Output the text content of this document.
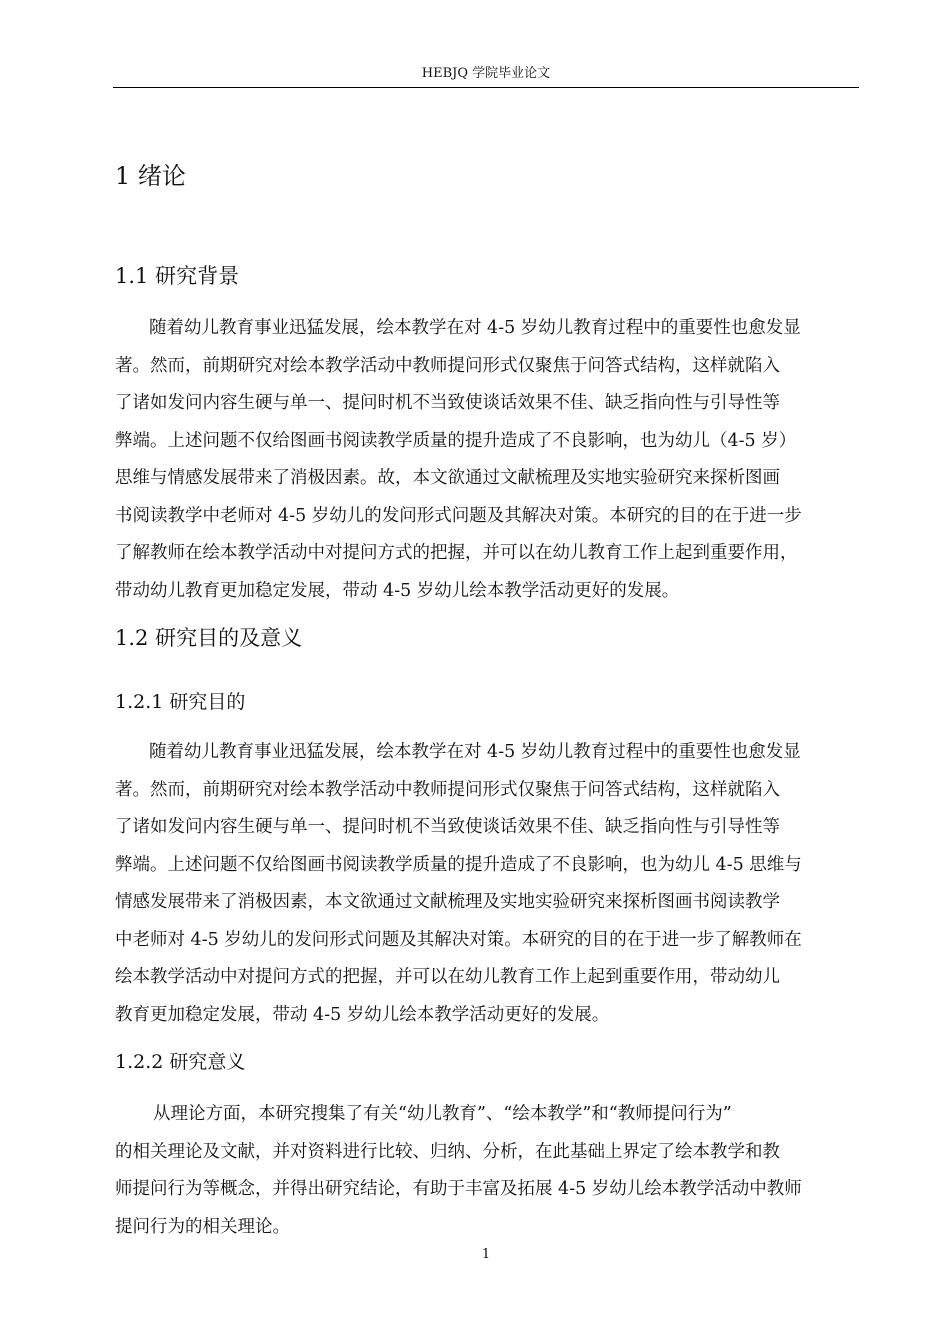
HEBJQ 学院毕业论文
1 绪论
1.1 研究背景
随着幼儿教育事业迅猛发展，绘本教学在对 4-5 岁幼儿教育过程中的重要性也愈发显
著。然而，前期研究对绘本教学活动中教师提问形式仅聚焦于问答式结构，这样就陷入
了诸如发问内容生硬与单一、提问时机不当致使谈话效果不佳、缺乏指向性与引导性等
弊端。上述问题不仅给图画书阅读教学质量的提升造成了不良影响，也为幼儿（4-5 岁）
思维与情感发展带来了消极因素。故，本文欲通过文献梳理及实地实验研究来探析图画
书阅读教学中老师对 4-5 岁幼儿的发问形式问题及其解决对策。本研究的目的在于进一步
了解教师在绘本教学活动中对提问方式的把握，并可以在幼儿教育工作上起到重要作用，
带动幼儿教育更加稳定发展，带动 4-5 岁幼儿绘本教学活动更好的发展。
1.2 研究目的及意义
1.2.1 研究目的
随着幼儿教育事业迅猛发展，绘本教学在对 4-5 岁幼儿教育过程中的重要性也愈发显
著。然而，前期研究对绘本教学活动中教师提问形式仅聚焦于问答式结构，这样就陷入
了诸如发问内容生硬与单一、提问时机不当致使谈话效果不佳、缺乏指向性与引导性等
弊端。上述问题不仅给图画书阅读教学质量的提升造成了不良影响，也为幼儿 4-5 思维与
情感发展带来了消极因素，本文欲通过文献梳理及实地实验研究来探析图画书阅读教学
中老师对 4-5 岁幼儿的发问形式问题及其解决对策。本研究的目的在于进一步了解教师在
绘本教学活动中对提问方式的把握，并可以在幼儿教育工作上起到重要作用，带动幼儿
教育更加稳定发展，带动 4-5 岁幼儿绘本教学活动更好的发展。
1.2.2 研究意义
从理论方面，本研究搜集了有关“幼儿教育”、“绘本教学”和“教师提问行为”
的相关理论及文献，并对资料进行比较、归纳、分析，在此基础上界定了绘本教学和教
师提问行为等概念，并得出研究结论，有助于丰富及拓展 4-5 岁幼儿绘本教学活动中教师
提问行为的相关理论。
1
